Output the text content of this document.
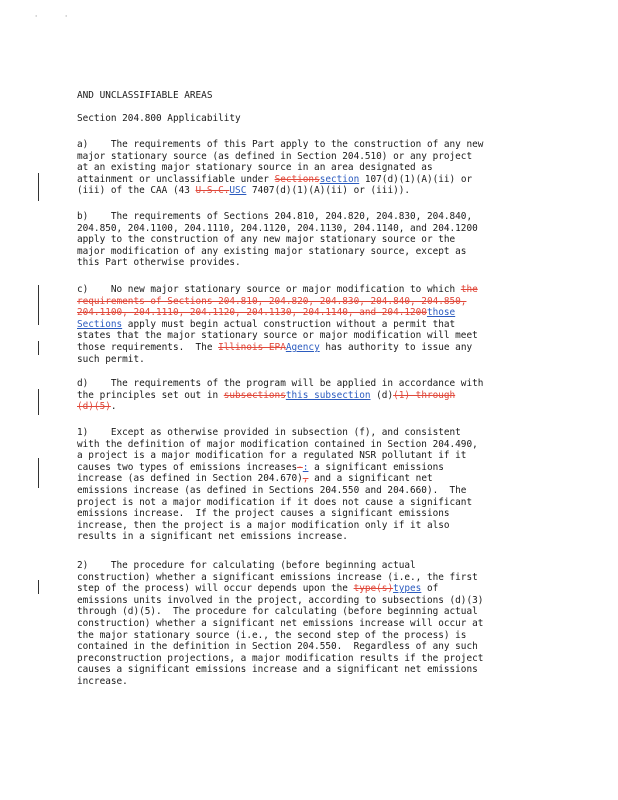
'	'
AND UNCLASSIFIABLE AREAS
Section 204.800 Applicability
a)    The requirements of this Part apply to the construction of any new
major stationary source (as defined in Section 204.510) or any project
at an existing major stationary source in an area designated as
attainment or unclassifiable under Sectionssection 107(d)(1)(A)(ii) or
(iii) of the CAA (43 U.S.C.USC 7407(d)(1)(A)(ii) or (iii)).
b)    The requirements of Sections 204.810, 204.820, 204.830, 204.840,
204.850, 204.1100, 204.1110, 204.1120, 204.1130, 204.1140, and 204.1200
apply to the construction of any new major stationary source or the
major modification of any existing major stationary source, except as
this Part otherwise provides.
c)    No new major stationary source or major modification to which the
requirements of Sections 204.810, 204.820, 204.830, 204.840, 204.850,
204.1100, 204.1110, 204.1120, 204.1130, 204.1140, and 204.1200those
Sections apply must begin actual construction without a permit that
states that the major stationary source or major modification will meet
those requirements.  The Illinois EPAAgency has authority to issue any
such permit.
d)    The requirements of the program will be applied in accordance with
the principles set out in subsectionsthis subsection (d)(1) through
(d)(5).
1)    Except as otherwise provided in subsection (f), and consistent
with the definition of major modification contained in Section 204.490,
a project is a major modification for a regulated NSR pollutant if it
causes two types of emissions increases-: a significant emissions
increase (as defined in Section 204.670), and a significant net
emissions increase (as defined in Sections 204.550 and 204.660).  The
project is not a major modification if it does not cause a significant
emissions increase.  If the project causes a significant emissions
increase, then the project is a major modification only if it also
results in a significant net emissions increase.
2)    The procedure for calculating (before beginning actual
construction) whether a significant emissions increase (i.e., the first
step of the process) will occur depends upon the type(s)types of
emissions units involved in the project, according to subsections (d)(3)
through (d)(5).  The procedure for calculating (before beginning actual
construction) whether a significant net emissions increase will occur at
the major stationary source (i.e., the second step of the process) is
contained in the definition in Section 204.550.  Regardless of any such
preconstruction projections, a major modification results if the project
causes a significant emissions increase and a significant net emissions
increase.
